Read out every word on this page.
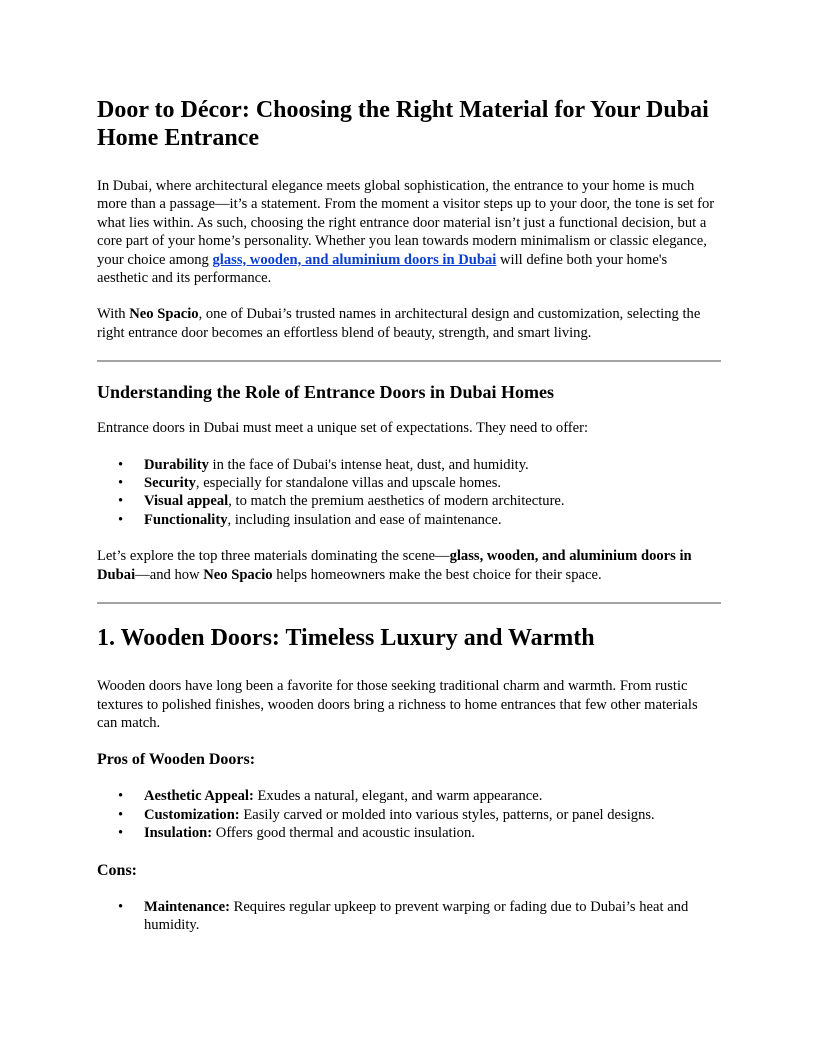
Door to Décor: Choosing the Right Material for Your Dubai Home Entrance

In Dubai, where architectural elegance meets global sophistication, the entrance to your home is much more than a passage—it’s a statement. From the moment a visitor steps up to your door, the tone is set for what lies within. As such, choosing the right entrance door material isn’t just a functional decision, but a core part of your home’s personality. Whether you lean towards modern minimalism or classic elegance, your choice among glass, wooden, and aluminium doors in Dubai will define both your home's aesthetic and its performance.

With Neo Spacio, one of Dubai’s trusted names in architectural design and customization, selecting the right entrance door becomes an effortless blend of beauty, strength, and smart living.

Understanding the Role of Entrance Doors in Dubai Homes

Entrance doors in Dubai must meet a unique set of expectations. They need to offer:

• Durability in the face of Dubai's intense heat, dust, and humidity.
• Security, especially for standalone villas and upscale homes.
• Visual appeal, to match the premium aesthetics of modern architecture.
• Functionality, including insulation and ease of maintenance.

Let’s explore the top three materials dominating the scene—glass, wooden, and aluminium doors in Dubai—and how Neo Spacio helps homeowners make the best choice for their space.

1. Wooden Doors: Timeless Luxury and Warmth

Wooden doors have long been a favorite for those seeking traditional charm and warmth. From rustic textures to polished finishes, wooden doors bring a richness to home entrances that few other materials can match.

Pros of Wooden Doors:
• Aesthetic Appeal: Exudes a natural, elegant, and warm appearance.
• Customization: Easily carved or molded into various styles, patterns, or panel designs.
• Insulation: Offers good thermal and acoustic insulation.
Cons:
• Maintenance: Requires regular upkeep to prevent warping or fading due to Dubai’s heat and humidity.
